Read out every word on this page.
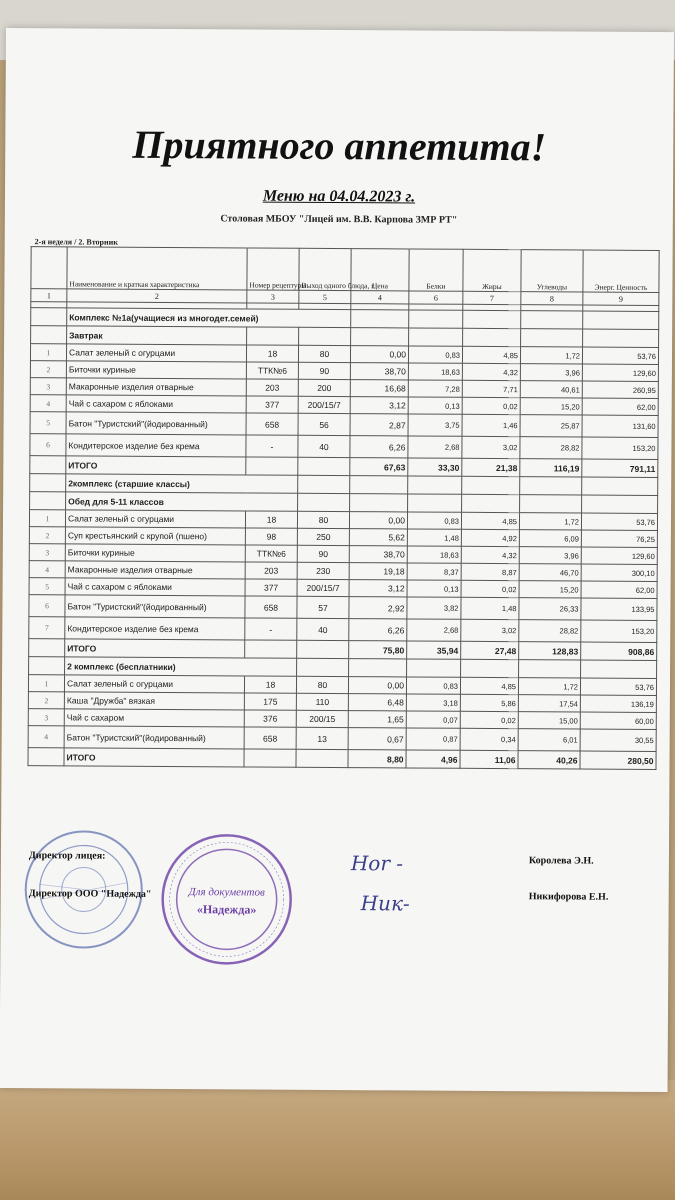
Приятного аппетита!
Меню на 04.04.2023 г.
Столовая МБОУ "Лицей им. В.В. Карпова ЗМР РТ"
2-я неделя / 2. Вторник
	Наименование и краткая характеристика	Номер рецептуры	Выход одного блюда, г.	Цена	Белки	Жиры	Углеводы	Энерг. Ценность
1	2	3	5	4	6	7	8	9

	Комплекс №1а(учащиеся из многодет.семей)							
	Завтрак							
1	Салат зеленый с огурцами	18	80	0,00	0,83	4,85	1,72	53,76
2	Биточки куриные	ТТК№6	90	38,70	18,63	4,32	3,96	129,60
3	Макаронные изделия отварные	203	200	16,68	7,28	7,71	40,61	260,95
4	Чай с сахаром с яблоками	377	200/15/7	3,12	0,13	0,02	15,20	62,00
5	Батон "Туристский"(йодированный)	658	56	2,87	3,75	1,46	25,87	131,60
6	Кондитерское изделие без крема	-	40	6,26	2,68	3,02	28,82	153,20
	ИТОГО			67,63	33,30	21,38	116,19	791,11
	2комплекс (старшие классы)							
	Обед для 5-11 классов							
1	Салат зеленый с огурцами	18	80	0,00	0,83	4,85	1,72	53,76
2	Суп крестьянский с крупой (пшено)	98	250	5,62	1,48	4,92	6,09	76,25
3	Биточки куриные	ТТК№6	90	38,70	18,63	4,32	3,96	129,60
4	Макаронные изделия отварные	203	230	19,18	8,37	8,87	46,70	300,10
5	Чай с сахаром с яблоками	377	200/15/7	3,12	0,13	0,02	15,20	62,00
6	Батон "Туристский"(йодированный)	658	57	2,92	3,82	1,48	26,33	133,95
7	Кондитерское изделие без крема	-	40	6,26	2,68	3,02	28,82	153,20
	ИТОГО			75,80	35,94	27,48	128,83	908,86
	2 комплекс (бесплатники)							
1	Салат зеленый с огурцами	18	80	0,00	0,83	4,85	1,72	53,76
2	Каша "Дружба" вязкая	175	110	6,48	3,18	5,86	17,54	136,19
3	Чай с сахаром	376	200/15	1,65	0,07	0,02	15,00	60,00
4	Батон "Туристский"(йодированный)	658	13	0,67	0,87	0,34	6,01	30,55
	ИТОГО			8,80	4,96	11,06	40,26	280,50
Директор лицея:
Директор ООО "Надежда"
Королева Э.Н.
Никифорова Е.Н.
Для документов
«Надежда»
Ноr -
Ник-
